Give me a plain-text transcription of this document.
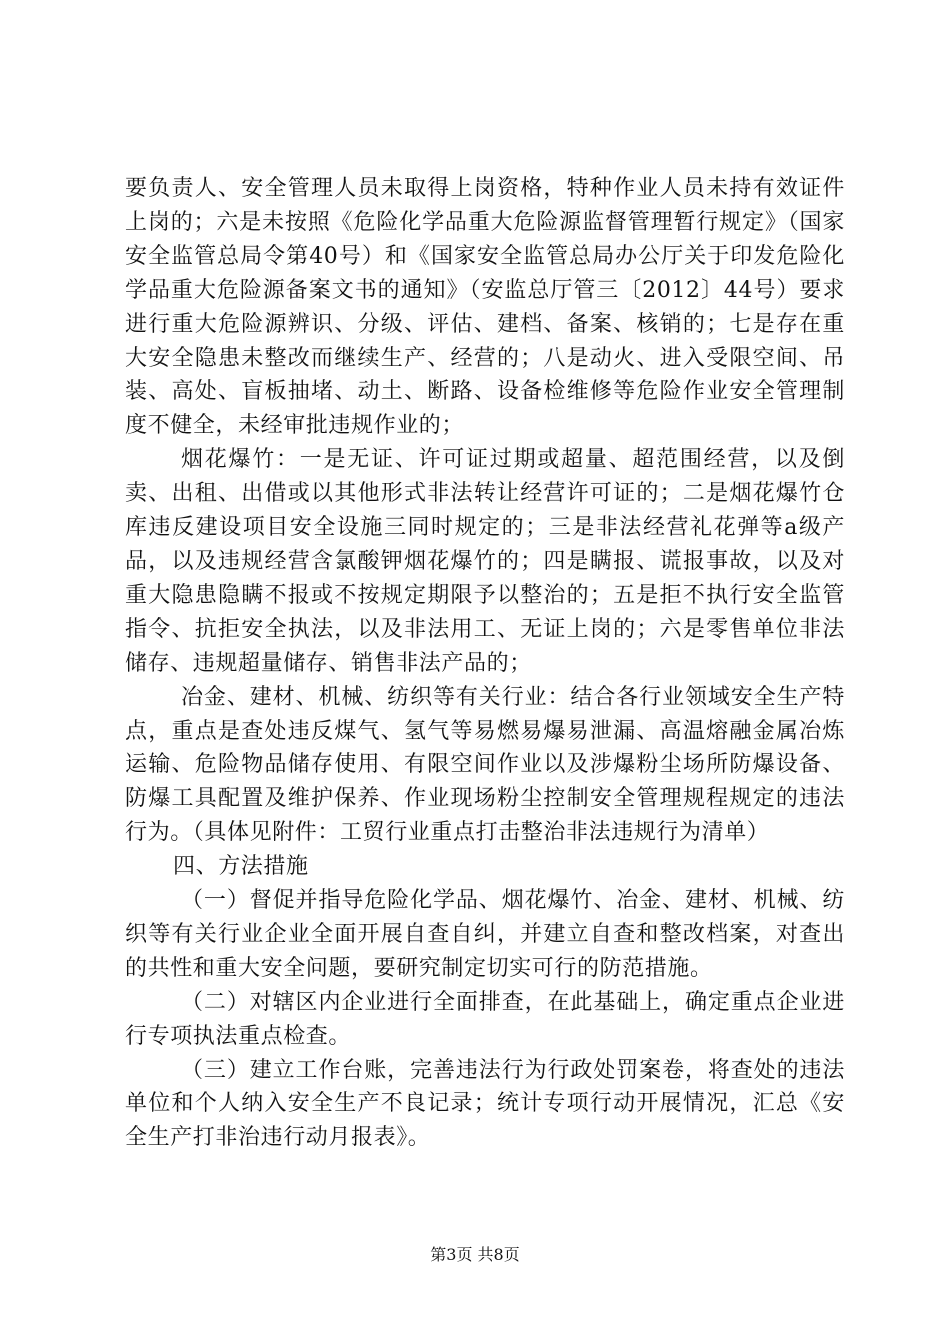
要负责人、安全管理人员未取得上岗资格，特种作业人员未持有效证件上岗的；六是未按照《危险化学品重大危险源监督管理暂行规定》（国家安全监管总局令第40号）和《国家安全监管总局办公厅关于印发危险化学品重大危险源备案文书的通知》（安监总厅管三〔2012〕44号）要求进行重大危险源辨识、分级、评估、建档、备案、核销的；七是存在重大安全隐患未整改而继续生产、经营的；八是动火、进入受限空间、吊装、高处、盲板抽堵、动土、断路、设备检维修等危险作业安全管理制度不健全，未经审批违规作业的；

烟花爆竹：一是无证、许可证过期或超量、超范围经营，以及倒卖、出租、出借或以其他形式非法转让经营许可证的；二是烟花爆竹仓库违反建设项目安全设施三同时规定的；三是非法经营礼花弹等a级产品，以及违规经营含氯酸钾烟花爆竹的；四是瞒报、谎报事故，以及对重大隐患隐瞒不报或不按规定期限予以整治的；五是拒不执行安全监管指令、抗拒安全执法，以及非法用工、无证上岗的；六是零售单位非法储存、违规超量储存、销售非法产品的；

冶金、建材、机械、纺织等有关行业：结合各行业领域安全生产特点，重点是查处违反煤气、氢气等易燃易爆易泄漏、高温熔融金属冶炼运输、危险物品储存使用、有限空间作业以及涉爆粉尘场所防爆设备、防爆工具配置及维护保养、作业现场粉尘控制安全管理规程规定的违法行为。（具体见附件：工贸行业重点打击整治非法违规行为清单）

四、方法措施

（一）督促并指导危险化学品、烟花爆竹、冶金、建材、机械、纺织等有关行业企业全面开展自查自纠，并建立自查和整改档案，对查出的共性和重大安全问题，要研究制定切实可行的防范措施。

（二）对辖区内企业进行全面排查，在此基础上，确定重点企业进行专项执法重点检查。

（三）建立工作台账，完善违法行为行政处罚案卷，将查处的违法单位和个人纳入安全生产不良记录；统计专项行动开展情况，汇总《安全生产打非治违行动月报表》。

第3页 共8页
